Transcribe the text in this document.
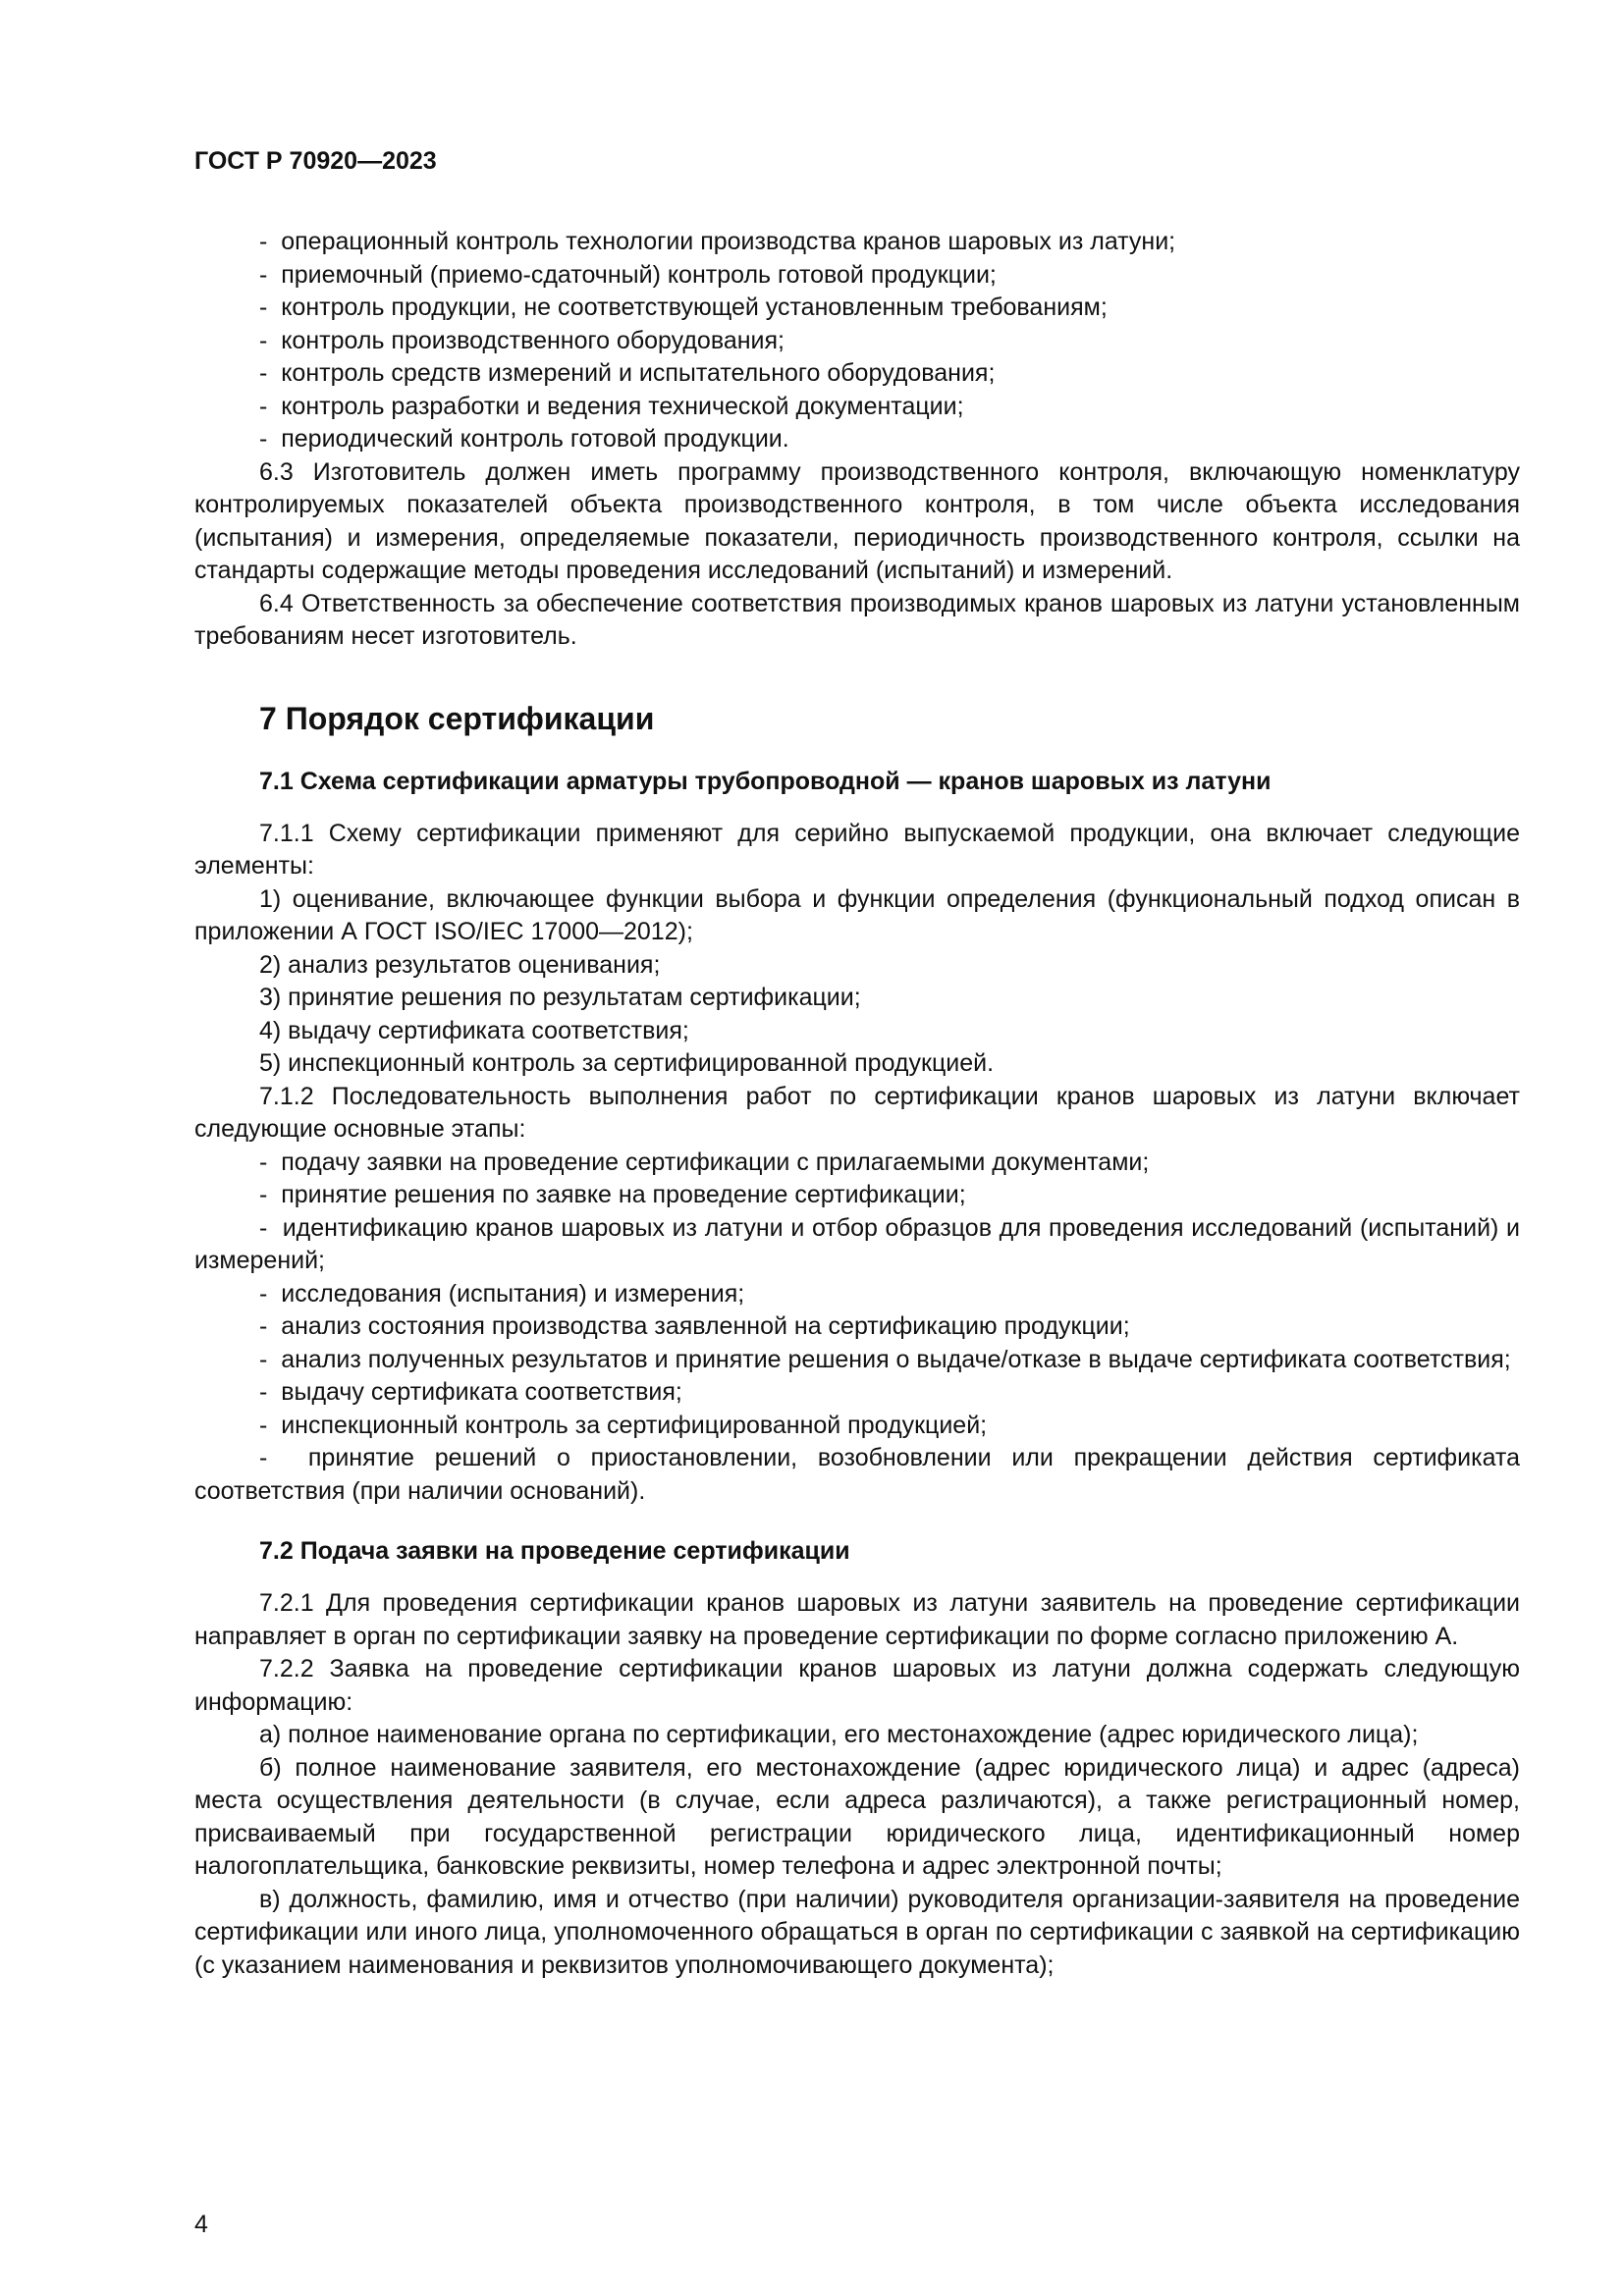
ГОСТ Р 70920—2023
-  операционный контроль технологии производства кранов шаровых из латуни;
-  приемочный (приемо-сдаточный) контроль готовой продукции;
-  контроль продукции, не соответствующей установленным требованиям;
-  контроль производственного оборудования;
-  контроль средств измерений и испытательного оборудования;
-  контроль разработки и ведения технической документации;
-  периодический контроль готовой продукции.

6.3 Изготовитель должен иметь программу производственного контроля, включающую номенклатуру контролируемых показателей объекта производственного контроля, в том числе объекта исследования (испытания) и измерения, определяемые показатели, периодичность производственного контроля, ссылки на стандарты содержащие методы проведения исследований (испытаний) и измерений.

6.4 Ответственность за обеспечение соответствия производимых кранов шаровых из латуни установленным требованиям несет изготовитель.

7 Порядок сертификации
7.1 Схема сертификации арматуры трубопроводной — кранов шаровых из латуни

7.1.1 Схему сертификации применяют для серийно выпускаемой продукции, она включает следующие элементы:

1) оценивание, включающее функции выбора и функции определения (функциональный подход описан в приложении А ГОСТ ISO/IEC 17000—2012);

2) анализ результатов оценивания;

3) принятие решения по результатам сертификации;

4) выдачу сертификата соответствия;

5) инспекционный контроль за сертифицированной продукцией.

7.1.2 Последовательность выполнения работ по сертификации кранов шаровых из латуни включает следующие основные этапы:

-  подачу заявки на проведение сертификации с прилагаемыми документами;
-  принятие решения по заявке на проведение сертификации;
-  идентификацию кранов шаровых из латуни и отбор образцов для проведения исследований (испытаний) и измерений;
-  исследования (испытания) и измерения;
-  анализ состояния производства заявленной на сертификацию продукции;
-  анализ полученных результатов и принятие решения о выдаче/отказе в выдаче сертификата соответствия;
-  выдачу сертификата соответствия;
-  инспекционный контроль за сертифицированной продукцией;
-  принятие решений о приостановлении, возобновлении или прекращении действия сертификата соответствия (при наличии оснований).
7.2 Подача заявки на проведение сертификации

7.2.1 Для проведения сертификации кранов шаровых из латуни заявитель на проведение сертификации направляет в орган по сертификации заявку на проведение сертификации по форме согласно приложению А.

7.2.2 Заявка на проведение сертификации кранов шаровых из латуни должна содержать следующую информацию:

а) полное наименование органа по сертификации, его местонахождение (адрес юридического лица);

б) полное наименование заявителя, его местонахождение (адрес юридического лица) и адрес (адреса) места осуществления деятельности (в случае, если адреса различаются), а также регистрационный номер, присваиваемый при государственной регистрации юридического лица, идентификационный номер налогоплательщика, банковские реквизиты, номер телефона и адрес электронной почты;

в) должность, фамилию, имя и отчество (при наличии) руководителя организации-заявителя на проведение сертификации или иного лица, уполномоченного обращаться в орган по сертификации с заявкой на сертификацию (с указанием наименования и реквизитов уполномочивающего документа);

4
